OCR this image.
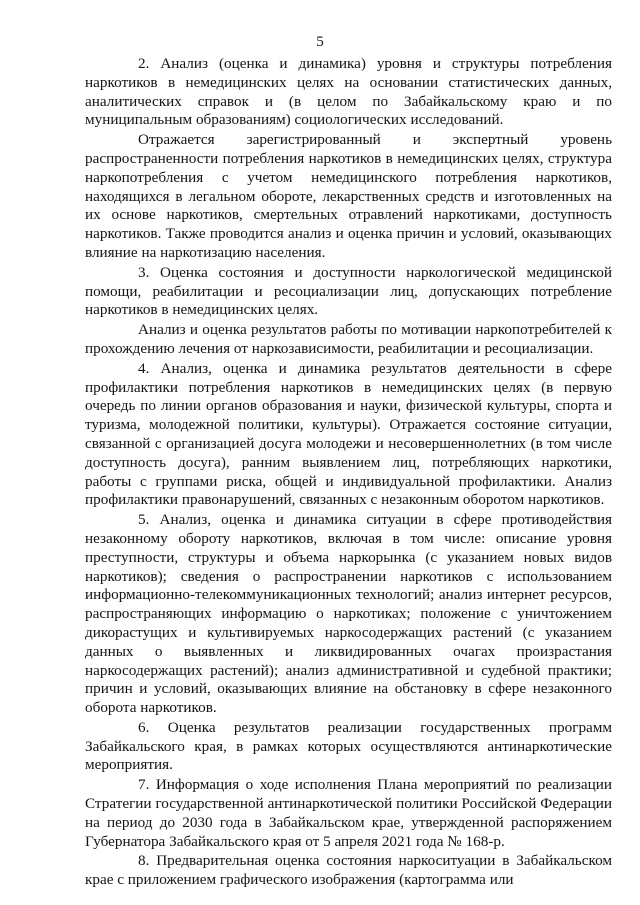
5

2. Анализ (оценка и динамика) уровня и структуры потребления наркотиков в немедицинских целях на основании статистических данных, аналитических справок и (в целом по Забайкальскому краю и по муниципальным образованиям) социологических исследований.

Отражается зарегистрированный и экспертный уровень распространенности потребления наркотиков в немедицинских целях, структура наркопотребления с учетом немедицинского потребления наркотиков, находящихся в легальном обороте, лекарственных средств и изготовленных на их основе наркотиков, смертельных отравлений наркотиками, доступность наркотиков. Также проводится анализ и оценка причин и условий, оказывающих влияние на наркотизацию населения.

3. Оценка состояния и доступности наркологической медицинской помощи, реабилитации и ресоциализации лиц, допускающих потребление наркотиков в немедицинских целях.

Анализ и оценка результатов работы по мотивации наркопотребителей к прохождению лечения от наркозависимости, реабилитации и ресоциализации.

4. Анализ, оценка и динамика результатов деятельности в сфере профилактики потребления наркотиков в немедицинских целях (в первую очередь по линии органов образования и науки, физической культуры, спорта и туризма, молодежной политики, культуры). Отражается состояние ситуации, связанной с организацией досуга молодежи и несовершеннолетних (в том числе доступность досуга), ранним выявлением лиц, потребляющих наркотики, работы с группами риска, общей и индивидуальной профилактики. Анализ профилактики правонарушений, связанных с незаконным оборотом наркотиков.

5. Анализ, оценка и динамика ситуации в сфере противодействия незаконному обороту наркотиков, включая в том числе: описание уровня преступности, структуры и объема наркорынка (с указанием новых видов наркотиков); сведения о распространении наркотиков с использованием информационно-телекоммуникационных технологий; анализ интернет ресурсов, распространяющих информацию о наркотиках; положение с уничтожением дикорастущих и культивируемых наркосодержащих растений (с указанием данных о выявленных и ликвидированных очагах произрастания наркосодержащих растений); анализ административной и судебной практики; причин и условий, оказывающих влияние на обстановку в сфере незаконного оборота наркотиков.

6. Оценка результатов реализации государственных программ Забайкальского края, в рамках которых осуществляются антинаркотические мероприятия.

7. Информация о ходе исполнения Плана мероприятий по реализации Стратегии государственной антинаркотической политики Российской Федерации на период до 2030 года в Забайкальском крае, утвержденной распоряжением Губернатора Забайкальского края от 5 апреля 2021 года № 168-р.

8. Предварительная оценка состояния наркоситуации в Забайкальском крае с приложением графического изображения (картограмма или
